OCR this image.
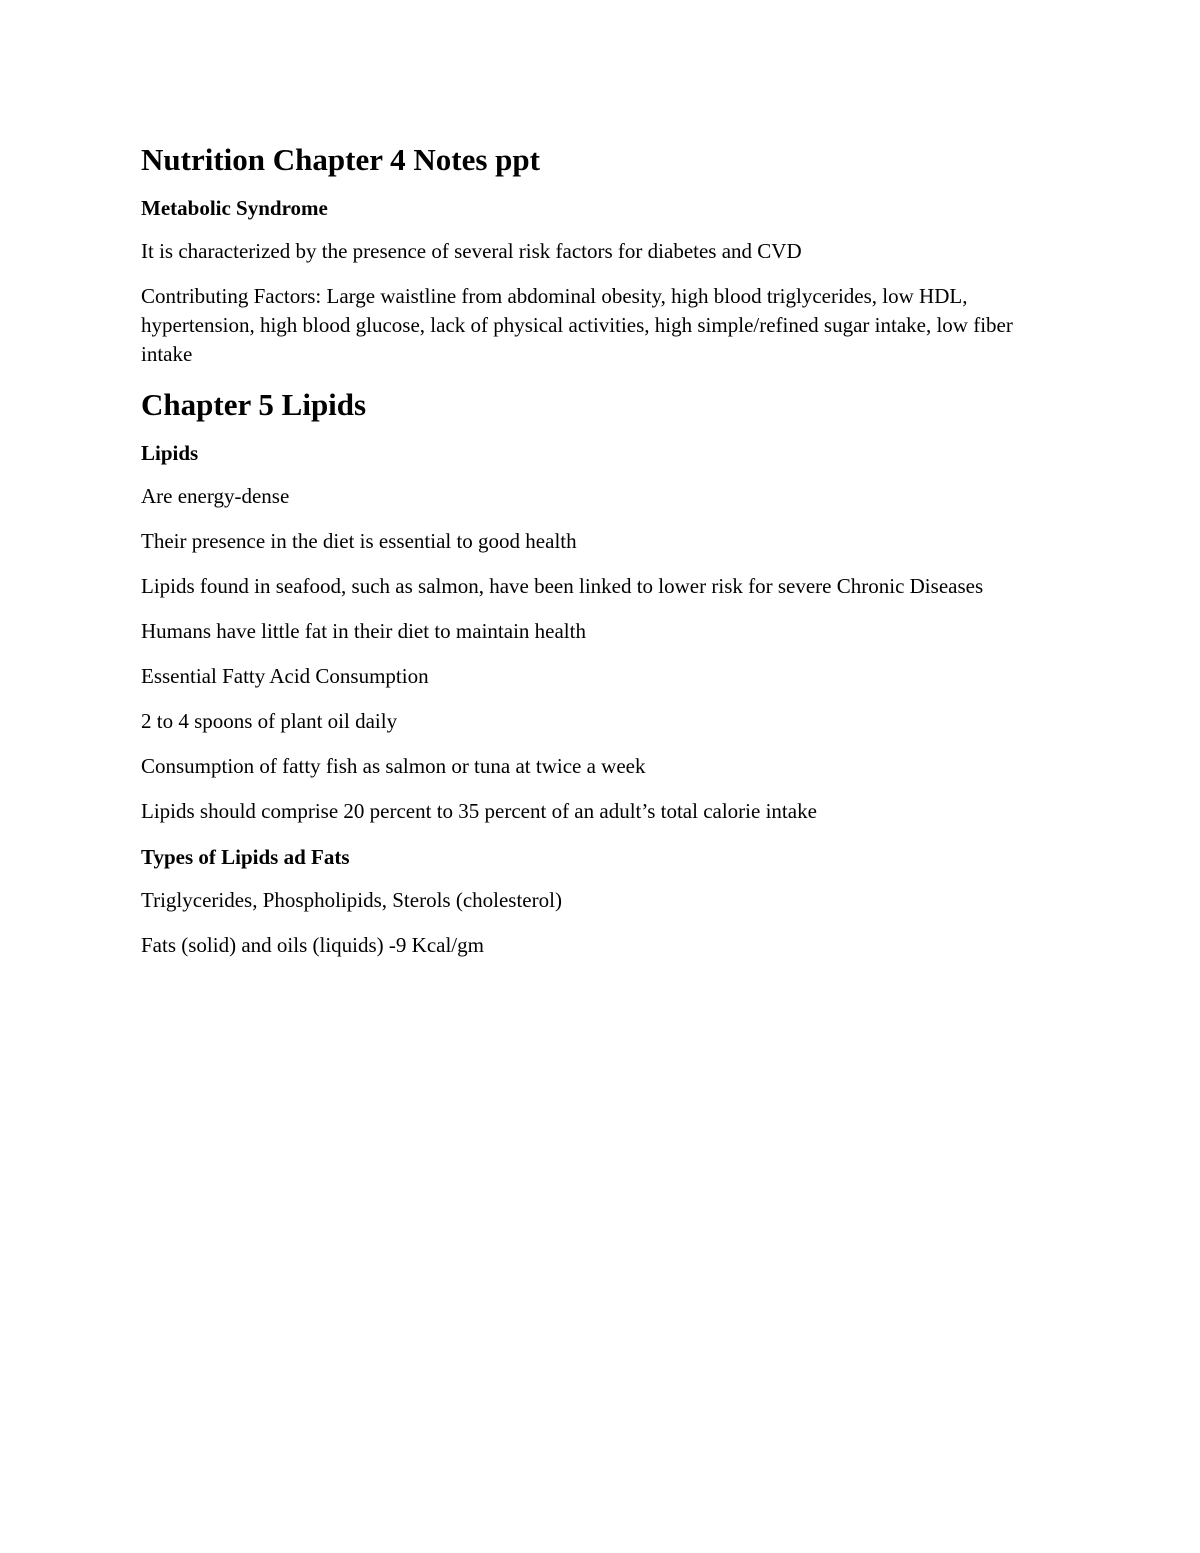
Nutrition Chapter 4 Notes ppt
Metabolic Syndrome

It is characterized by the presence of several risk factors for diabetes and CVD

Contributing Factors: Large waistline from abdominal obesity, high blood triglycerides, low HDL, hypertension, high blood glucose, lack of physical activities, high simple/refined sugar intake, low fiber intake

Chapter 5 Lipids
Lipids

Are energy-dense

Their presence in the diet is essential to good health

Lipids found in seafood, such as salmon, have been linked to lower risk for severe Chronic Diseases

Humans have little fat in their diet to maintain health

Essential Fatty Acid Consumption

2 to 4 spoons of plant oil daily

Consumption of fatty fish as salmon or tuna at twice a week

Lipids should comprise 20 percent to 35 percent of an adult’s total calorie intake

Types of Lipids ad Fats

Triglycerides, Phospholipids, Sterols (cholesterol)

Fats (solid) and oils (liquids) -9 Kcal/gm
